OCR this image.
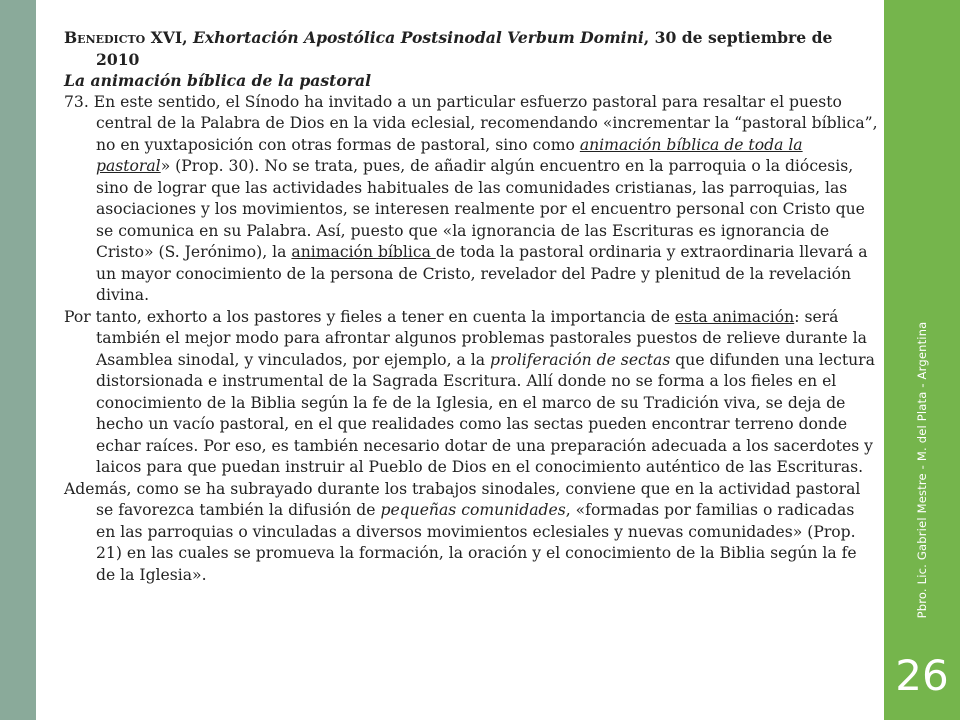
Pbro. Lic. Gabriel Mestre - M. del Plata - Argentina
26

Benedicto XVI, Exhortación Apostólica Postsinodal Verbum Domini, 30 de septiembre de 2010

La animación bíblica de la pastoral

73. En este sentido, el Sínodo ha invitado a un particular esfuerzo pastoral para resaltar el puesto central de la Palabra de Dios en la vida eclesial, recomendando «incrementar la “pastoral bíblica”, no en yuxtaposición con otras formas de pastoral, sino como animación bíblica de toda la pastoral» (Prop. 30). No se trata, pues, de añadir algún encuentro en la parroquia o la diócesis, sino de lograr que las actividades habituales de las comunidades cristianas, las parroquias, las asociaciones y los movimientos, se interesen realmente por el encuentro personal con Cristo que se comunica en su Palabra. Así, puesto que «la ignorancia de las Escrituras es ignorancia de Cristo» (S. Jerónimo), la animación bíblica de toda la pastoral ordinaria y extraordinaria llevará a un mayor conocimiento de la persona de Cristo, revelador del Padre y plenitud de la revelación divina.

Por tanto, exhorto a los pastores y fieles a tener en cuenta la importancia de esta animación: será también el mejor modo para afrontar algunos problemas pastorales puestos de relieve durante la Asamblea sinodal, y vinculados, por ejemplo, a la proliferación de sectas que difunden una lectura distorsionada e instrumental de la Sagrada Escritura. Allí donde no se forma a los fieles en el conocimiento de la Biblia según la fe de la Iglesia, en el marco de su Tradición viva, se deja de hecho un vacío pastoral, en el que realidades como las sectas pueden encontrar terreno donde echar raíces. Por eso, es también necesario dotar de una preparación adecuada a los sacerdotes y laicos para que puedan instruir al Pueblo de Dios en el conocimiento auténtico de las Escrituras.

Además, como se ha subrayado durante los trabajos sinodales, conviene que en la actividad pastoral se favorezca también la difusión de pequeñas comunidades, «formadas por familias o radicadas en las parroquias o vinculadas a diversos movimientos eclesiales y nuevas comunidades» (Prop. 21) en las cuales se promueva la formación, la oración y el conocimiento de la Biblia según la fe de la Iglesia».
